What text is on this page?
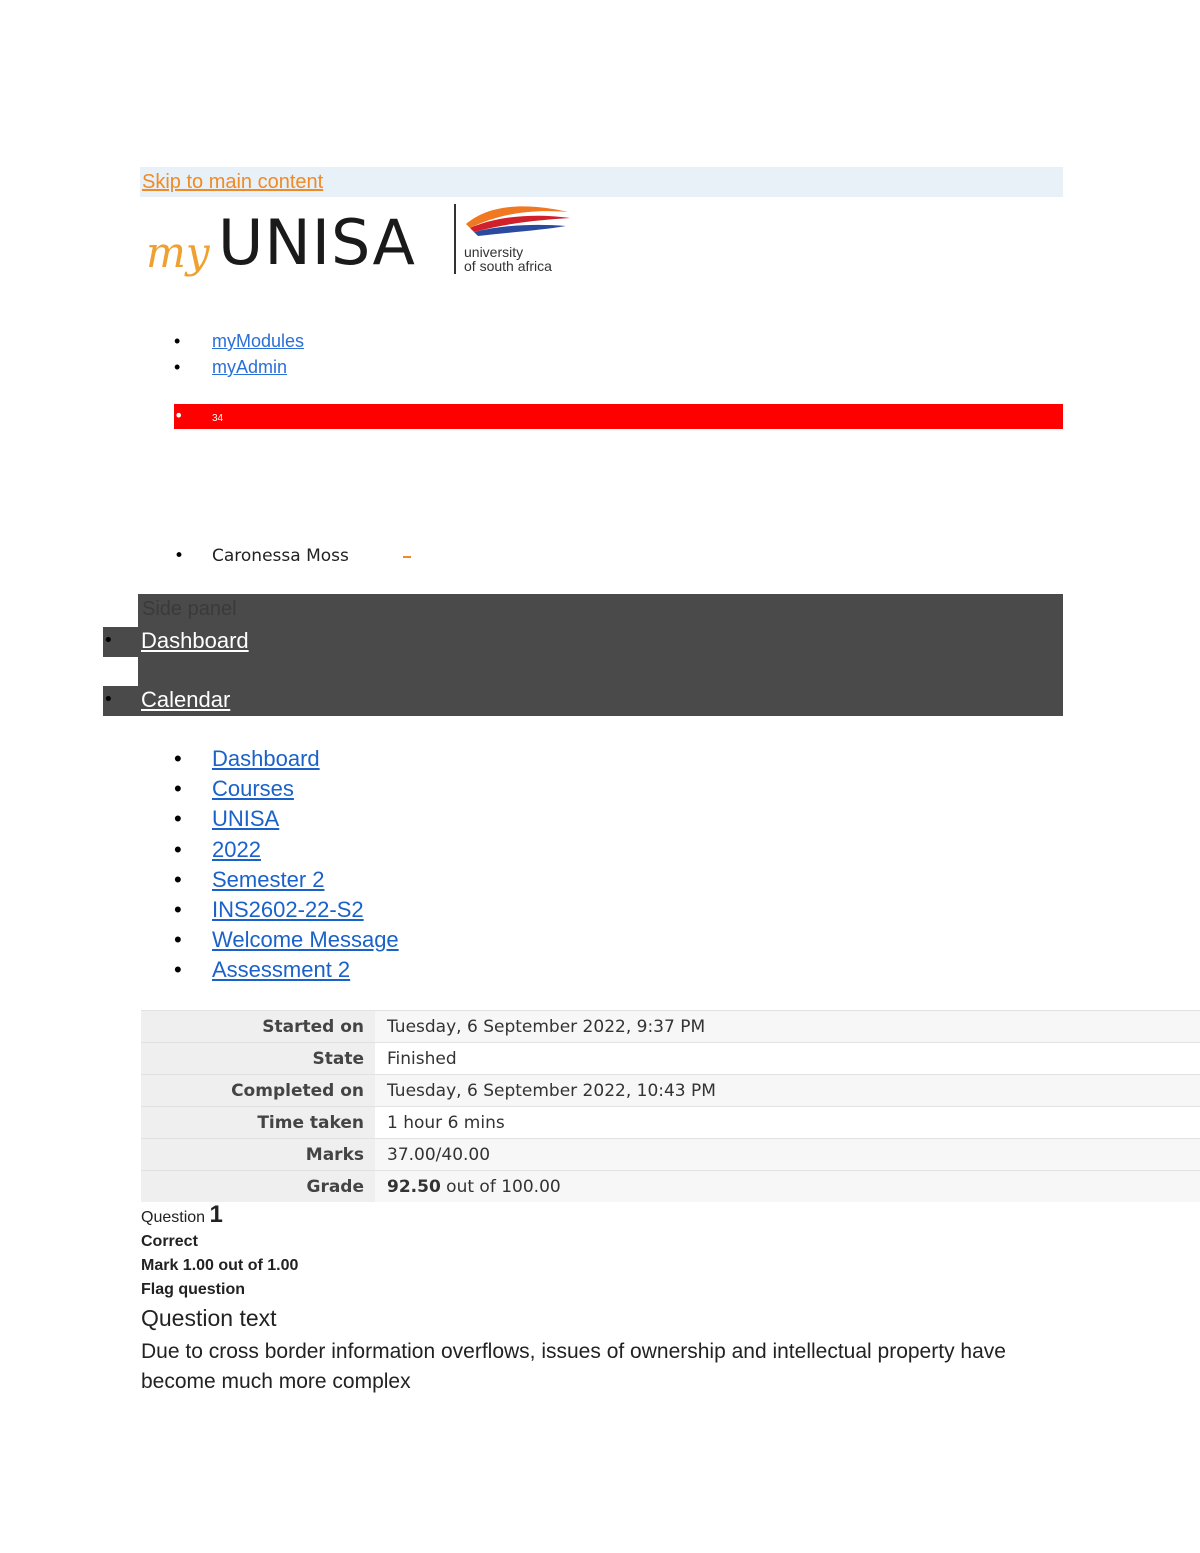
Skip to main content
my UNISA	university
of south africa
• myModules
• myAdmin
•	34
• Caronessa Moss
Side panel
• Dashboard
• Calendar
• Dashboard
• Courses
• UNISA
• 2022
• Semester 2
• INS2602-22-S2
• Welcome Message
• Assessment 2
Started on	Tuesday, 6 September 2022, 9:37 PM
State	Finished
Completed on	Tuesday, 6 September 2022, 10:43 PM
Time taken	1 hour 6 mins
Marks	37.00/40.00
Grade	92.50 out of 100.00
Question 1
Correct
Mark 1.00 out of 1.00
Flag question
Question text
Due to cross border information overflows, issues of ownership and intellectual property have become much more complex
